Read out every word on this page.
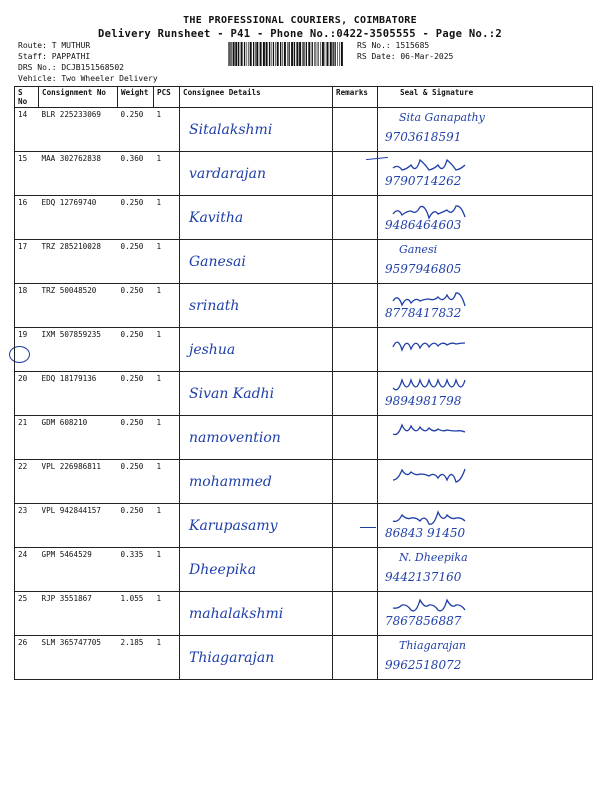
THE PROFESSIONAL COURIERS, COIMBATORE
Delivery Runsheet - P41 - Phone No.:0422-3505555 - Page No.:2
Route: T MUTHUR
Staff: PAPPATHI
DRS No.: DCJB151568502
Vehicle: Two Wheeler Delivery
RS No.: 1515685
RS Date: 06-Mar-2025
S No	Consignment No	Weight	PCS	Consignee Details	Remarks	Seal & Signature
14	BLR 225233069	0.250	1	Sitalakshmi		Sita Ganapathy
9703618591

15	MAA 302762838	0.360	1	vardarajan		9790714262

16	EDQ 12769740	0.250	1	Kavitha		9486464603

17	TRZ 285210028	0.250	1	Ganesai		Ganesi
9597946805

18	TRZ 50048520	0.250	1	srinath		8778417832

19	IXM 507859235	0.250	1	jeshua

20	EDQ 18179136	0.250	1	Sivan Kadhi		9894981798

21	GDM 608210	0.250	1	namovention

22	VPL 226986811	0.250	1	mohammed

23	VPL 942844157	0.250	1	Karupasamy		86843 91450

24	GPM 5464529	0.335	1	Dheepika		N. Dheepika
9442137160

25	RJP 3551867	1.055	1	mahalakshmi		7867856887

26	SLM 365747705	2.185	1	Thiagarajan		Thiagarajan
9962518072
